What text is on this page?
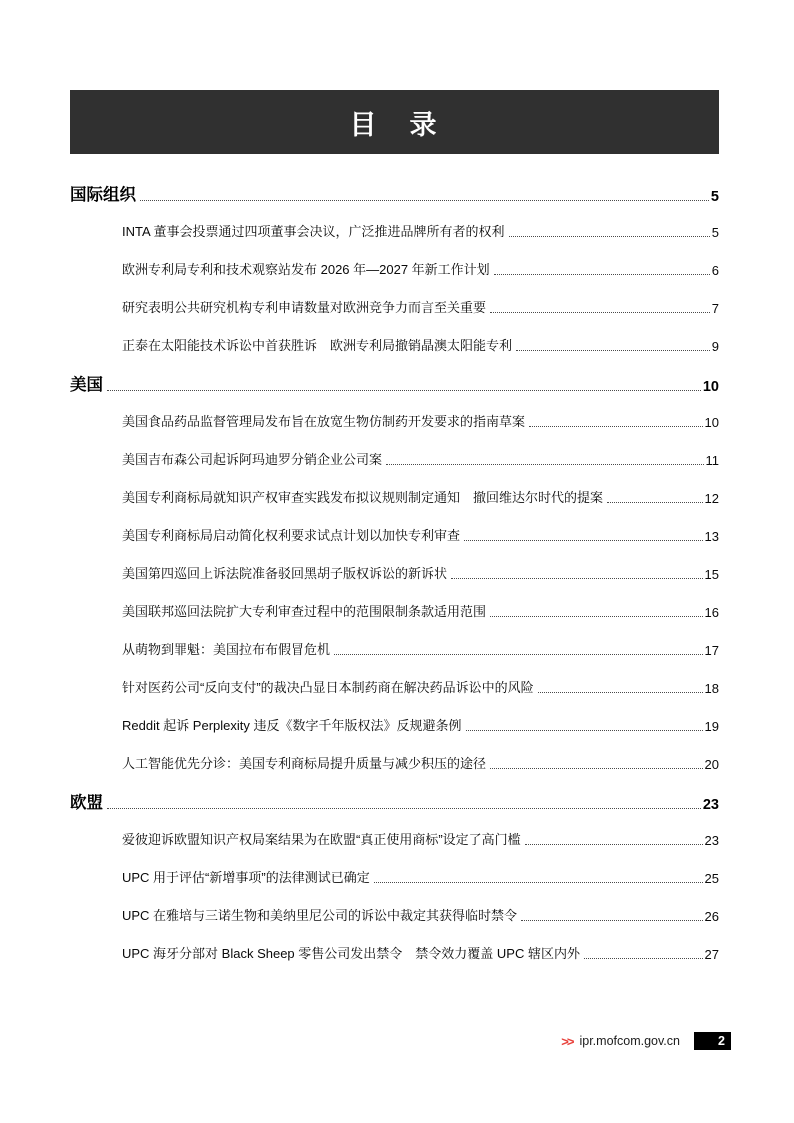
目　录
国际组织	5
INTA 董事会投票通过四项董事会决议，广泛推进品牌所有者的权利	5
欧洲专利局专利和技术观察站发布 2026 年—2027 年新工作计划	6
研究表明公共研究机构专利申请数量对欧洲竞争力而言至关重要	7
正泰在太阳能技术诉讼中首获胜诉　欧洲专利局撤销晶澳太阳能专利	9
美国	10
美国食品药品监督管理局发布旨在放宽生物仿制药开发要求的指南草案	10
美国吉布森公司起诉阿玛迪罗分销企业公司案	11
美国专利商标局就知识产权审查实践发布拟议规则制定通知　撤回维达尔时代的提案	12
美国专利商标局启动简化权利要求试点计划以加快专利审查	13
美国第四巡回上诉法院准备驳回黑胡子版权诉讼的新诉状	15
美国联邦巡回法院扩大专利审查过程中的范围限制条款适用范围	16
从萌物到罪魁：美国拉布布假冒危机	17
针对医药公司“反向支付”的裁决凸显日本制药商在解决药品诉讼中的风险	18
Reddit 起诉 Perplexity 违反《数字千年版权法》反规避条例	19
人工智能优先分诊：美国专利商标局提升质量与减少积压的途径	20
欧盟	23
爱彼迎诉欧盟知识产权局案结果为在欧盟“真正使用商标”设定了高门槛	23
UPC 用于评估“新增事项”的法律测试已确定	25
UPC 在雅培与三诺生物和美纳里尼公司的诉讼中裁定其获得临时禁令	26
UPC 海牙分部对 Black Sheep 零售公司发出禁令　禁令效力覆盖 UPC 辖区内外	27
>> ipr.mofcom.gov.cn	2
